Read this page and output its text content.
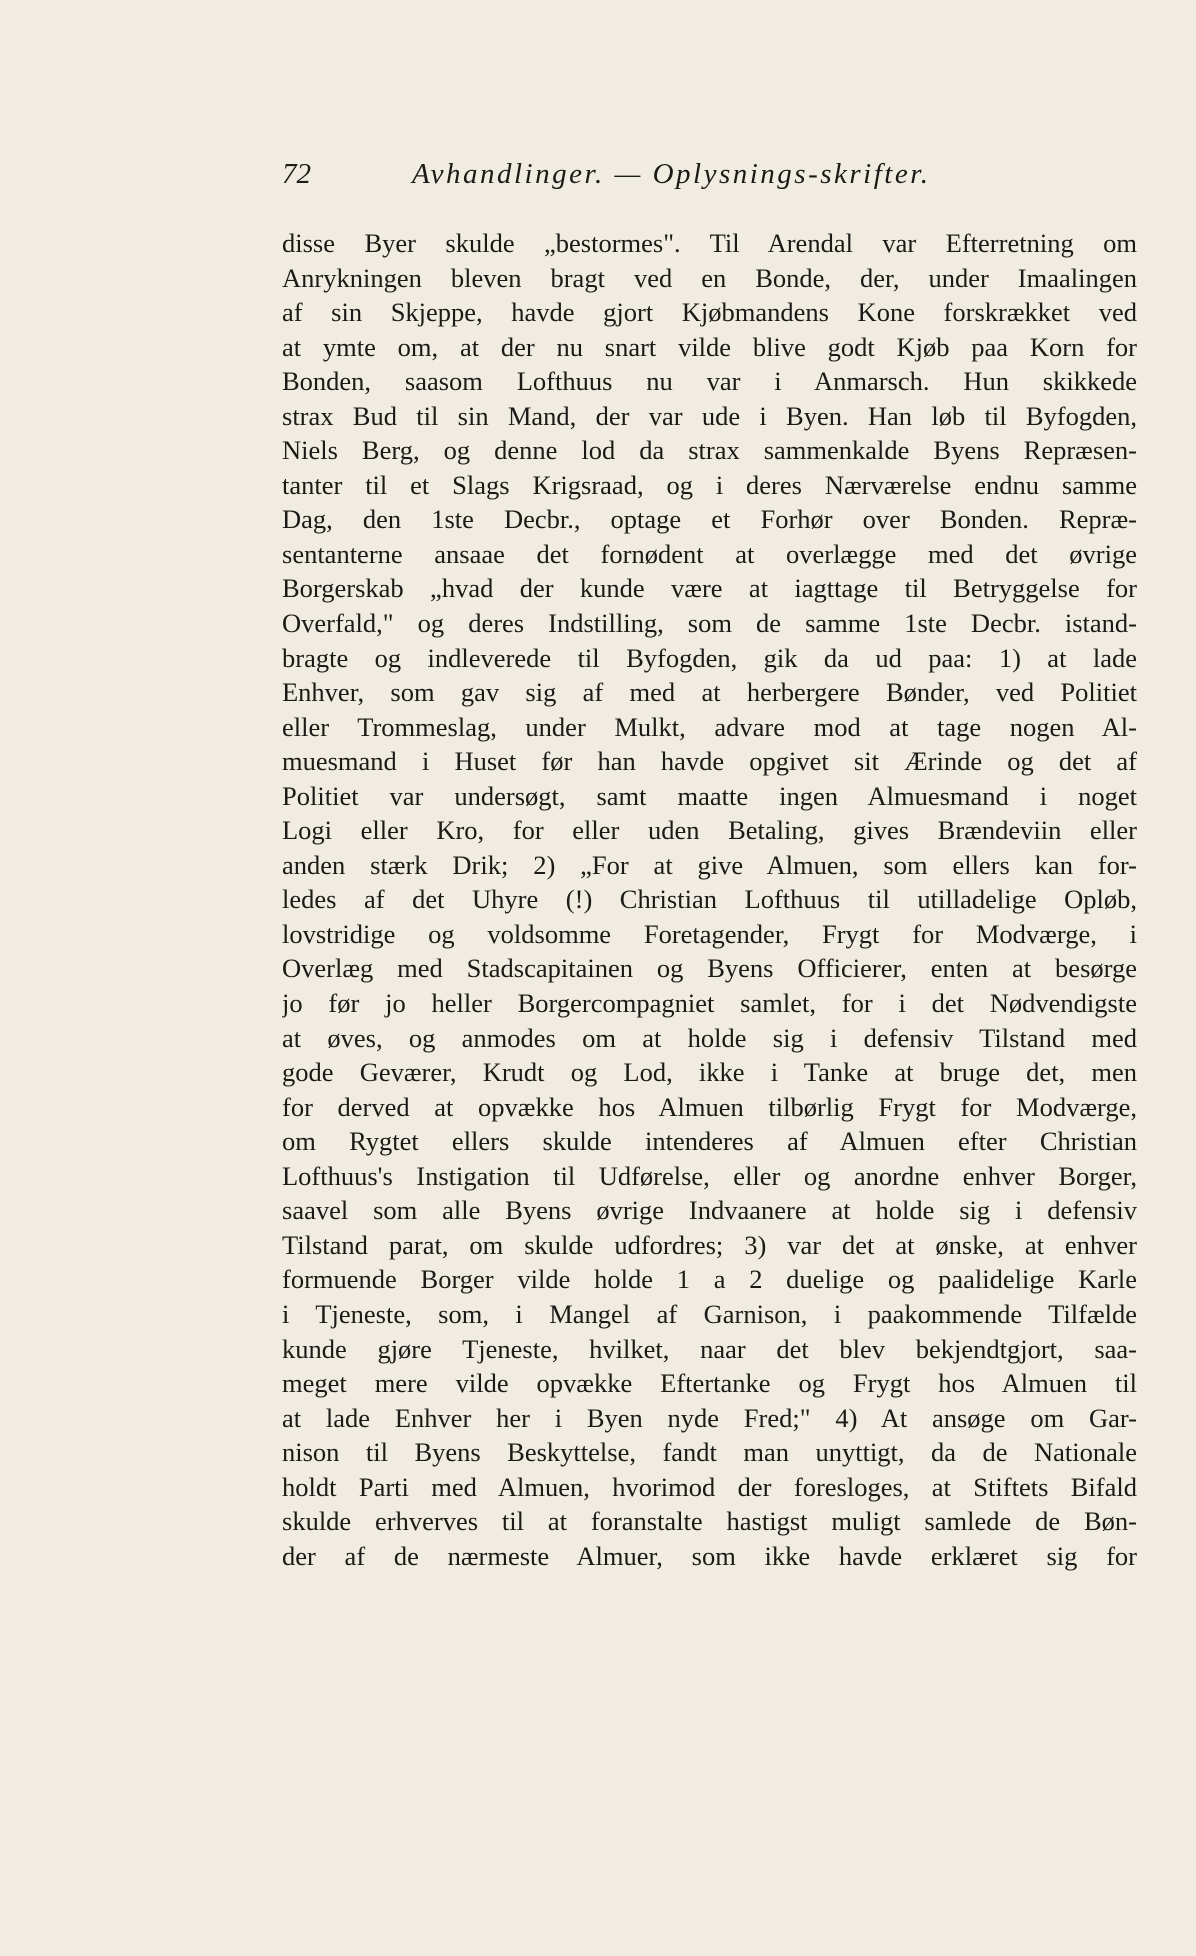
72	Avhandlinger. — Oplysnings-skrifter.
disse Byer skulde „bestormes". Til Arendal var Efterretning om
Anrykningen bleven bragt ved en Bonde, der, under Imaalingen
af sin Skjeppe, havde gjort Kjøbmandens Kone forskrækket ved
at ymte om, at der nu snart vilde blive godt Kjøb paa Korn for
Bonden, saasom Lofthuus nu var i Anmarsch. Hun skikkede
strax Bud til sin Mand, der var ude i Byen. Han løb til Byfogden,
Niels Berg, og denne lod da strax sammenkalde Byens Repræsen-
tanter til et Slags Krigsraad, og i deres Nærværelse endnu samme
Dag, den 1ste Decbr., optage et Forhør over Bonden. Repræ-
sentanterne ansaae det fornødent at overlægge med det øvrige
Borgerskab „hvad der kunde være at iagttage til Betryggelse for
Overfald," og deres Indstilling, som de samme 1ste Decbr. istand-
bragte og indleverede til Byfogden, gik da ud paa: 1) at lade
Enhver, som gav sig af med at herbergere Bønder, ved Politiet
eller Trommeslag, under Mulkt, advare mod at tage nogen Al-
muesmand i Huset før han havde opgivet sit Ærinde og det af
Politiet var undersøgt, samt maatte ingen Almuesmand i noget
Logi eller Kro, for eller uden Betaling, gives Brændeviin eller
anden stærk Drik; 2) „For at give Almuen, som ellers kan for-
ledes af det Uhyre (!) Christian Lofthuus til utilladelige Opløb,
lovstridige og voldsomme Foretagender, Frygt for Modværge, i
Overlæg med Stadscapitainen og Byens Officierer, enten at besørge
jo før jo heller Borgercompagniet samlet, for i det Nødvendigste
at øves, og anmodes om at holde sig i defensiv Tilstand med
gode Geværer, Krudt og Lod, ikke i Tanke at bruge det, men
for derved at opvække hos Almuen tilbørlig Frygt for Modværge,
om Rygtet ellers skulde intenderes af Almuen efter Christian
Lofthuus's Instigation til Udførelse, eller og anordne enhver Borger,
saavel som alle Byens øvrige Indvaanere at holde sig i defensiv
Tilstand parat, om skulde udfordres; 3) var det at ønske, at enhver
formuende Borger vilde holde 1 a 2 duelige og paalidelige Karle
i Tjeneste, som, i Mangel af Garnison, i paakommende Tilfælde
kunde gjøre Tjeneste, hvilket, naar det blev bekjendtgjort, saa-
meget mere vilde opvække Eftertanke og Frygt hos Almuen til
at lade Enhver her i Byen nyde Fred;" 4) At ansøge om Gar-
nison til Byens Beskyttelse, fandt man unyttigt, da de Nationale
holdt Parti med Almuen, hvorimod der foresloges, at Stiftets Bifald
skulde erhverves til at foranstalte hastigst muligt samlede de Bøn-
der af de nærmeste Almuer, som ikke havde erklæret sig for
